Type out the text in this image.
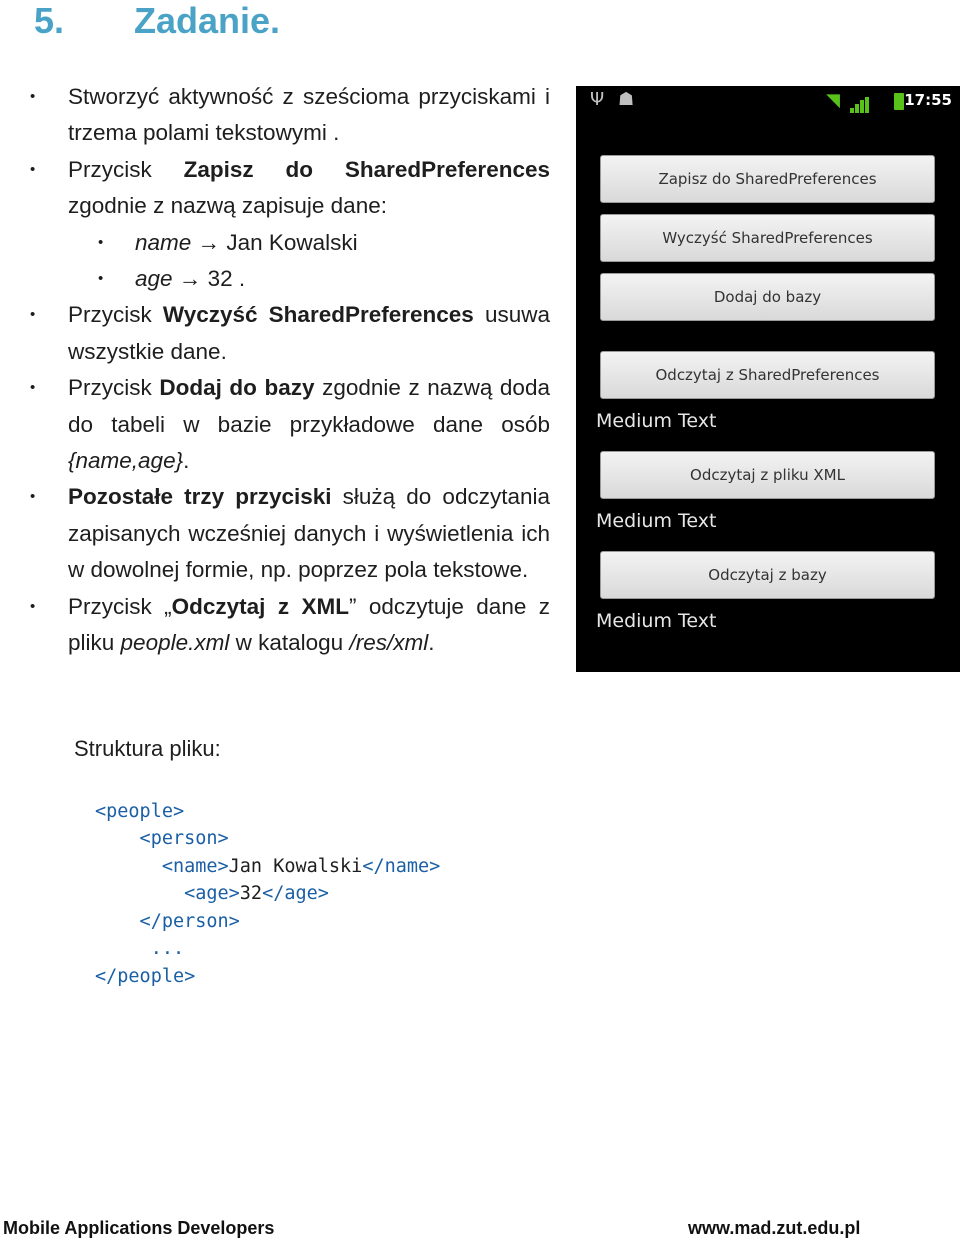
5. Zadanie.
• Stworzyć aktywność z sześcioma przyciskami i trzema polami tekstowymi .
• Przycisk Zapisz do SharedPreferences zgodnie z nazwą zapisuje dane:
• name → Jan Kowalski
• age → 32 .
• Przycisk Wyczyść SharedPreferences usuwa wszystkie dane.
• Przycisk Dodaj do bazy zgodnie z nazwą doda do tabeli w bazie przykładowe dane osób {name,age}.
• Pozostałe trzy przyciski służą do odczytania zapisanych wcześniej danych i wyświetlenia ich w dowolnej formie, np. poprzez pola tekstowe.
• Przycisk „Odczytaj z XML” odczytuje dane z pliku people.xml w katalogu /res/xml.
Ψ ☗	◥	17:55
Zapisz do SharedPreferences
Wyczyść SharedPreferences
Dodaj do bazy
Odczytaj z SharedPreferences
Medium Text
Odczytaj z pliku XML
Medium Text
Odczytaj z bazy
Medium Text
Struktura pliku:

<people>
<person>
<name>Jan Kowalski</name>
<age>32</age>
</person>
...
</people>

Mobile Applications Developers	www.mad.zut.edu.pl
